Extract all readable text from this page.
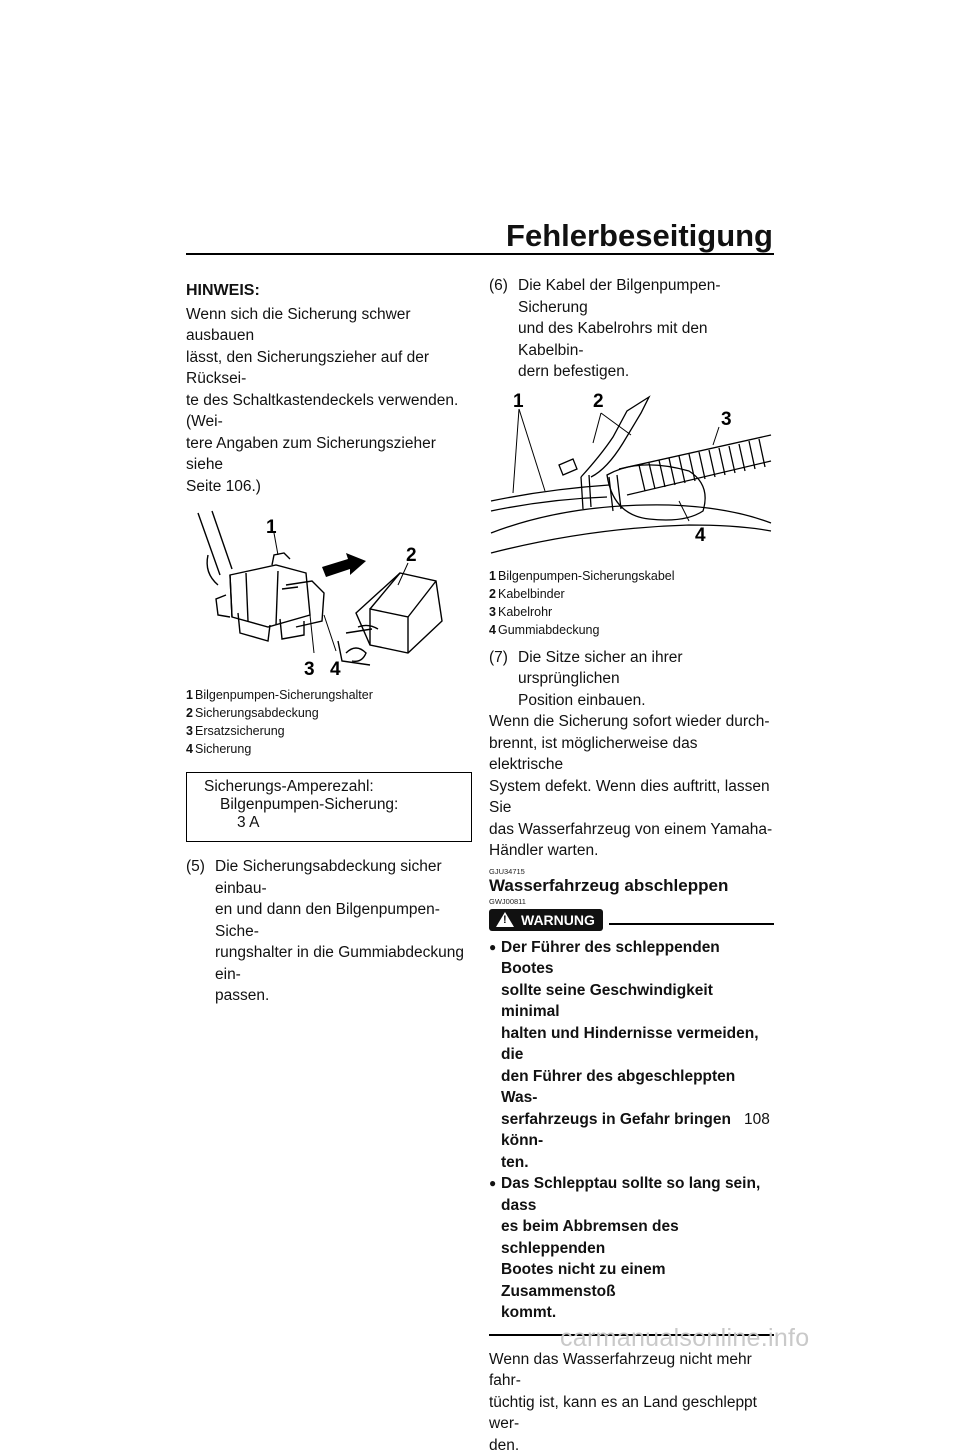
Fehlerbeseitigung
HINWEIS:

Wenn sich die Sicherung schwer ausbauen

lässt, den Sicherungszieher auf der Rücksei-

te des Schaltkastendeckels verwenden. (Wei-

tere Angaben zum Sicherungszieher siehe

Seite 106.)

1
2
3 4
1 Bilgenpumpen-Sicherungshalter
2 Sicherungsabdeckung
3 Ersatzsicherung
4 Sicherung
Sicherungs-Amperezahl:
Bilgenpumpen-Sicherung:
3 A
(5) Die Sicherungsabdeckung sicher einbau-

en und dann den Bilgenpumpen-Siche-

rungshalter in die Gummiabdeckung ein-

passen.

(6) Die Kabel der Bilgenpumpen-Sicherung

und des Kabelrohrs mit den Kabelbin-

dern befestigen.

1	2
3
4
1 Bilgenpumpen-Sicherungskabel
2 Kabelbinder
3 Kabelrohr
4 Gummiabdeckung
(7) Die Sitze sicher an ihrer ursprünglichen

Position einbauen.

Wenn die Sicherung sofort wieder durch-

brennt, ist möglicherweise das elektrische

System defekt. Wenn dies auftritt, lassen Sie

das Wasserfahrzeug von einem Yamaha-

Händler warten.

GJU34715
Wasserfahrzeug abschleppen
GWJ00811
! WARNUNG
● Der Führer des schleppenden Bootes

sollte seine Geschwindigkeit minimal

halten und Hindernisse vermeiden, die

den Führer des abgeschleppten Was-

serfahrzeugs in Gefahr bringen könn-

ten.

● Das Schlepptau sollte so lang sein, dass

es beim Abbremsen des schleppenden

Bootes nicht zu einem Zusammenstoß

kommt.

Wenn das Wasserfahrzeug nicht mehr fahr-

tüchtig ist, kann es an Land geschleppt wer-

den.

108
carmanualsonline.info
